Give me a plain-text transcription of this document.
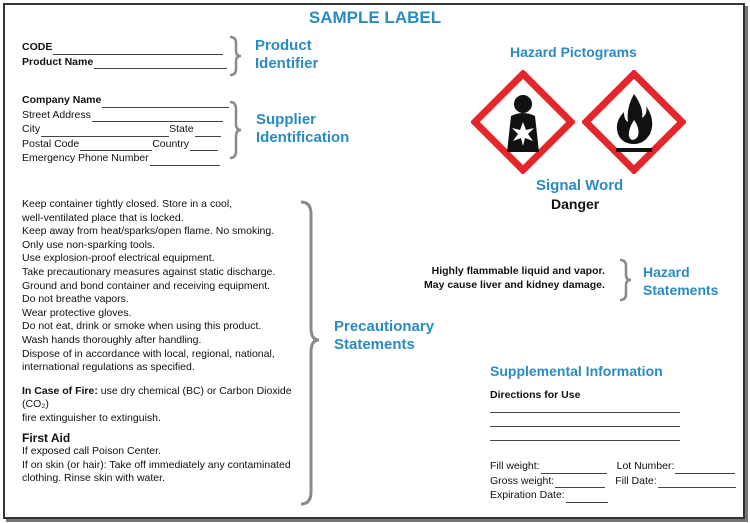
SAMPLE LABEL
CODE
Product Name
Product
Identifier
Company Name
Street Address
City	State
Postal Code	Country
Emergency Phone Number
Supplier
Identification
Hazard Pictograms
Signal Word
Danger

Keep container tightly closed. Store in a cool,

well-ventilated place that is locked.

Keep away from heat/sparks/open flame. No smoking.

Only use non-sparking tools.

Use explosion-proof electrical equipment.

Take precautionary measures against static discharge.

Ground and bond container and receiving equipment.

Do not breathe vapors.

Wear protective gloves.

Do not eat, drink or smoke when using this product.

Wash hands thoroughly after handling.

Dispose of in accordance with local, regional, national,

international regulations as specified.

In Case of Fire: use dry chemical (BC) or Carbon Dioxide (CO₂)

fire extinguisher to extinguish.

First Aid

If exposed call Poison Center.

If on skin (or hair): Take off immediately any contaminated

clothing. Rinse skin with water.

Precautionary
Statements
Highly flammable liquid and vapor.
May cause liver and kidney damage.
Hazard
Statements
Supplemental Information
Directions for Use
Fill weight:	Lot Number:
Gross weight:	Fill Date:
Expiration Date:
